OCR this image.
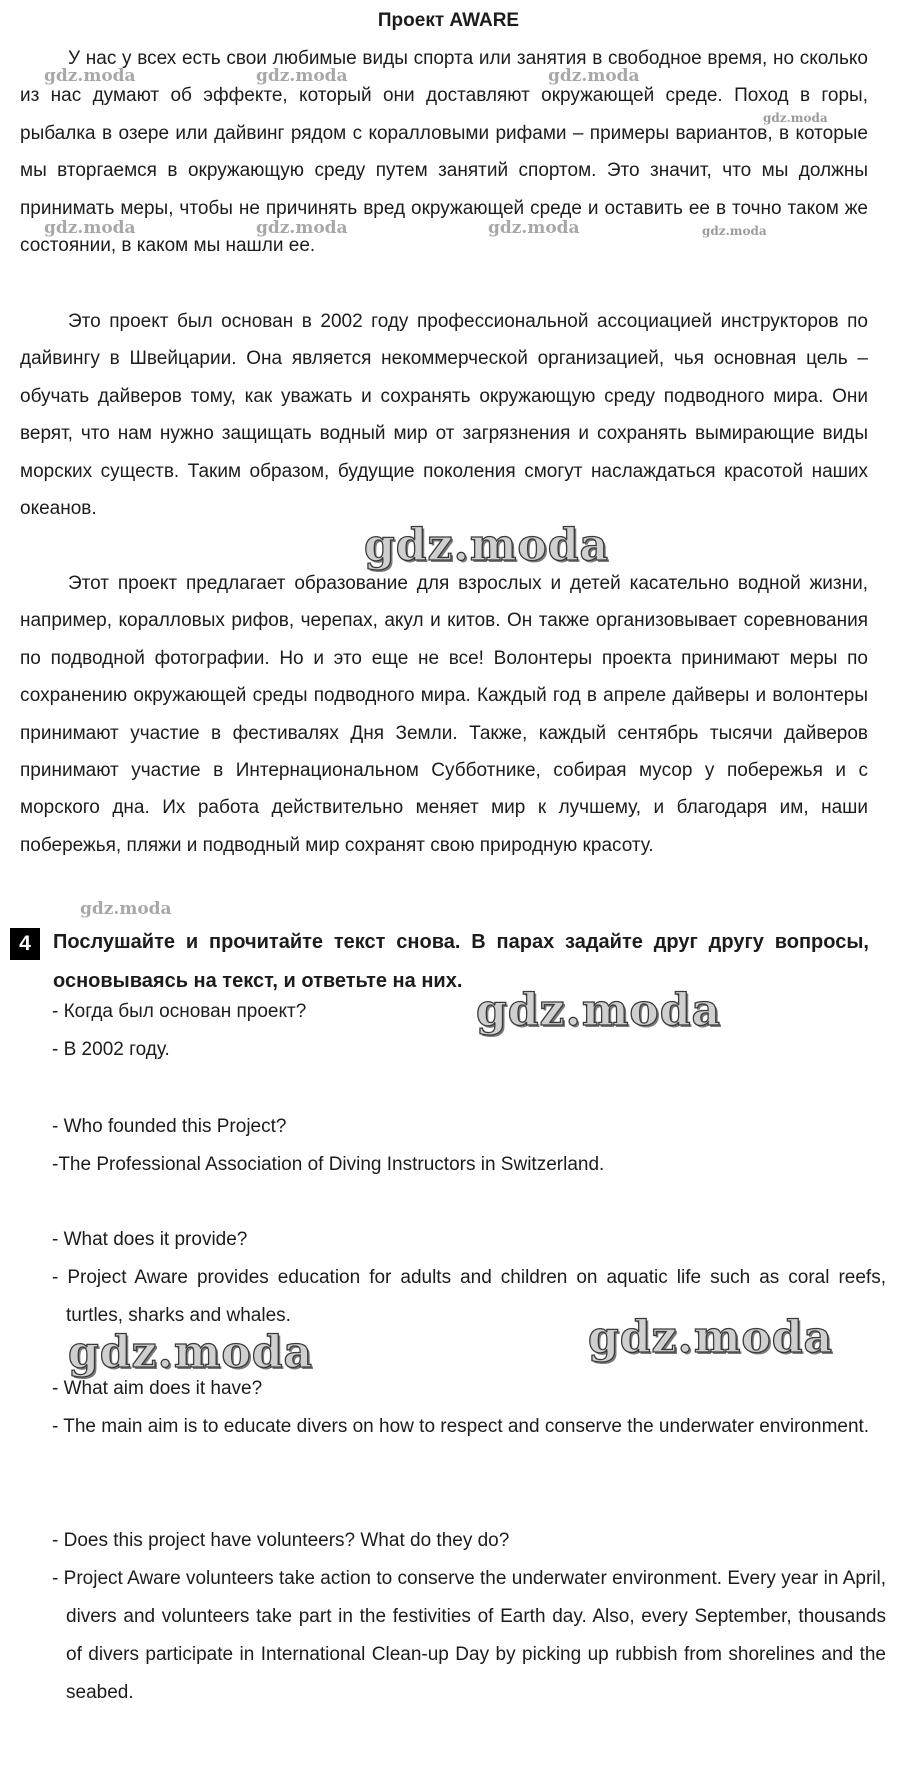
Проект AWARE

У нас у всех есть свои любимые виды спорта или занятия в свободное время, но сколько из нас думают об эффекте, который они доставляют окружающей среде. Поход в горы, рыбалка в озере или дайвинг рядом с коралловыми рифами – примеры вариантов, в которые мы вторгаемся в окружающую среду путем занятий спортом. Это значит, что мы должны принимать меры, чтобы не причинять вред окружающей среде и оставить ее в точно таком же состоянии, в каком мы нашли ее.

Это проект был основан в 2002 году профессиональной ассоциацией инструкторов по дайвингу в Швейцарии. Она является некоммерческой организацией, чья основная цель – обучать дайверов тому, как уважать и сохранять окружающую среду подводного мира. Они верят, что нам нужно защищать водный мир от загрязнения и сохранять вымирающие виды морских существ. Таким образом, будущие поколения смогут наслаждаться красотой наших океанов.

Этот проект предлагает образование для взрослых и детей касательно водной жизни, например, коралловых рифов, черепах, акул и китов. Он также организовывает соревнования по подводной фотографии. Но и это еще не все! Волонтеры проекта принимают меры по сохранению окружающей среды подводного мира. Каждый год в апреле дайверы и волонтеры принимают участие в фестивалях Дня Земли. Также, каждый сентябрь тысячи дайверов принимают участие в Интернациональном Субботнике, собирая мусор у побережья и с морского дна. Их работа действительно меняет мир к лучшему, и благодаря им, наши побережья, пляжи и подводный мир сохранят свою природную красоту.

4	Послушайте и прочитайте текст снова. В парах задайте друг другу вопросы, основываясь на текст, и ответьте на них.

- Когда был основан проект?

- В 2002 году.

- Who founded this Project?

-The Professional Association of Diving Instructors in Switzerland.

- What does it provide?

- Project Aware provides education for adults and children on aquatic life such as coral reefs, turtles, sharks and whales.

- What aim does it have?

- The main aim is to educate divers on how to respect and conserve the underwater environment.

- Does this project have volunteers? What do they do?

- Project Aware volunteers take action to conserve the underwater environment. Every year in April, divers and volunteers take part in the festivities of Earth day. Also, every September, thousands of divers participate in International Clean-up Day by picking up rubbish from shorelines and the seabed.

gdz.moda	gdz.moda	gdz.moda
gdz.moda
gdz.moda	gdz.moda	gdz.moda	gdz.moda
gdz.moda
gdz.moda
gdz.moda
gdz.moda
gdz.moda
